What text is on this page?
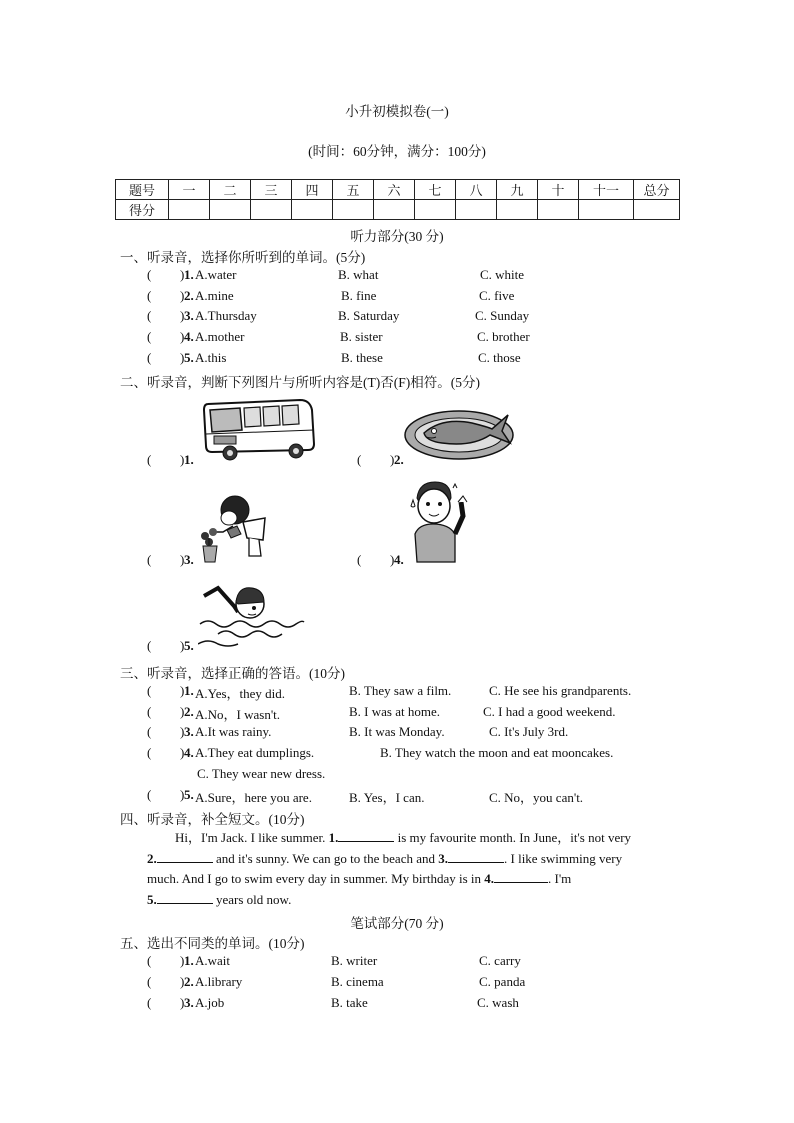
小升初模拟卷(一)
(时间：60分钟，满分：100分)
题号	一	二	三	四	五	六	七	八	九	十	十一	总分
得分												
听力部分(30 分)
一、听录音，选择你所听到的单词。(5分)
( ) 1. A.water	B. what	C. white
( ) 2. A.mine	B. fine	C. five
( ) 3. A.Thursday	B. Saturday	C. Sunday
( ) 4. A.mother	B. sister	C. brother
( ) 5. A.this	B. these	C. those
二、听录音，判断下列图片与所听内容是(T)否(F)相符。(5分)
( ) 1.	( ) 2.
( ) 3.	( ) 4.
( ) 5.
三、听录音，选择正确的答语。(10分)
( ) 1. A.Yes，they did.	B. They saw a film.	C. He see his grandparents.
( ) 2. A.No，I wasn't.	B. I was at home.	C. I had a good weekend.
( ) 3. A.It was rainy.	B. It was Monday.	C. It's July 3rd.
( ) 4. A.They eat dumplings.	B. They watch the moon and eat mooncakes.
C. They wear new dress.
( ) 5. A.Sure，here you are.	B. Yes，I can.	C. No，you can't.
四、听录音，补全短文。(10分)
Hi，I'm Jack. I like summer. 1.	is my favourite month. In June，it's not very
2.	and it's sunny. We can go to the beach and 3.	. I like swimming very
much. And I go to swim every day in summer. My birthday is in 4.	. I'm
5.	years old now.
笔试部分(70 分)
五、选出不同类的单词。(10分)
( ) 1. A.wait	B. writer	C. carry
( ) 2. A.library	B. cinema	C. panda
( ) 3. A.job	B. take	C. wash
